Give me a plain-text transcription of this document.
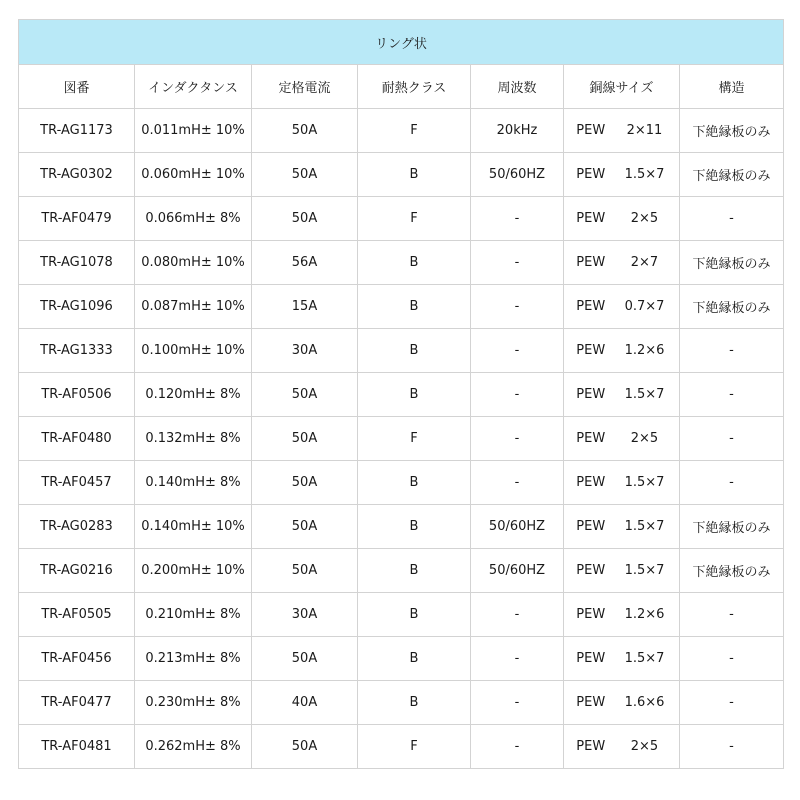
リング状						
図番	インダクタンス	定格電流	耐熱クラス	周波数	銅線サイズ	構造
TR-AG1173	0.011mH± 10%	50A	F	20kHz	PEW 2×11	下絶縁板のみ
TR-AG0302	0.060mH± 10%	50A	B	50/60HZ	PEW 1.5×7	下絶縁板のみ
TR-AF0479	0.066mH± 8%	50A	F	-	PEW 2×5	-
TR-AG1078	0.080mH± 10%	56A	B	-	PEW 2×7	下絶縁板のみ
TR-AG1096	0.087mH± 10%	15A	B	-	PEW 0.7×7	下絶縁板のみ
TR-AG1333	0.100mH± 10%	30A	B	-	PEW 1.2×6	-
TR-AF0506	0.120mH± 8%	50A	B	-	PEW 1.5×7	-
TR-AF0480	0.132mH± 8%	50A	F	-	PEW 2×5	-
TR-AF0457	0.140mH± 8%	50A	B	-	PEW 1.5×7	-
TR-AG0283	0.140mH± 10%	50A	B	50/60HZ	PEW 1.5×7	下絶縁板のみ
TR-AG0216	0.200mH± 10%	50A	B	50/60HZ	PEW 1.5×7	下絶縁板のみ
TR-AF0505	0.210mH± 8%	30A	B	-	PEW 1.2×6	-
TR-AF0456	0.213mH± 8%	50A	B	-	PEW 1.5×7	-
TR-AF0477	0.230mH± 8%	40A	B	-	PEW 1.6×6	-
TR-AF0481	0.262mH± 8%	50A	F	-	PEW 2×5	-
